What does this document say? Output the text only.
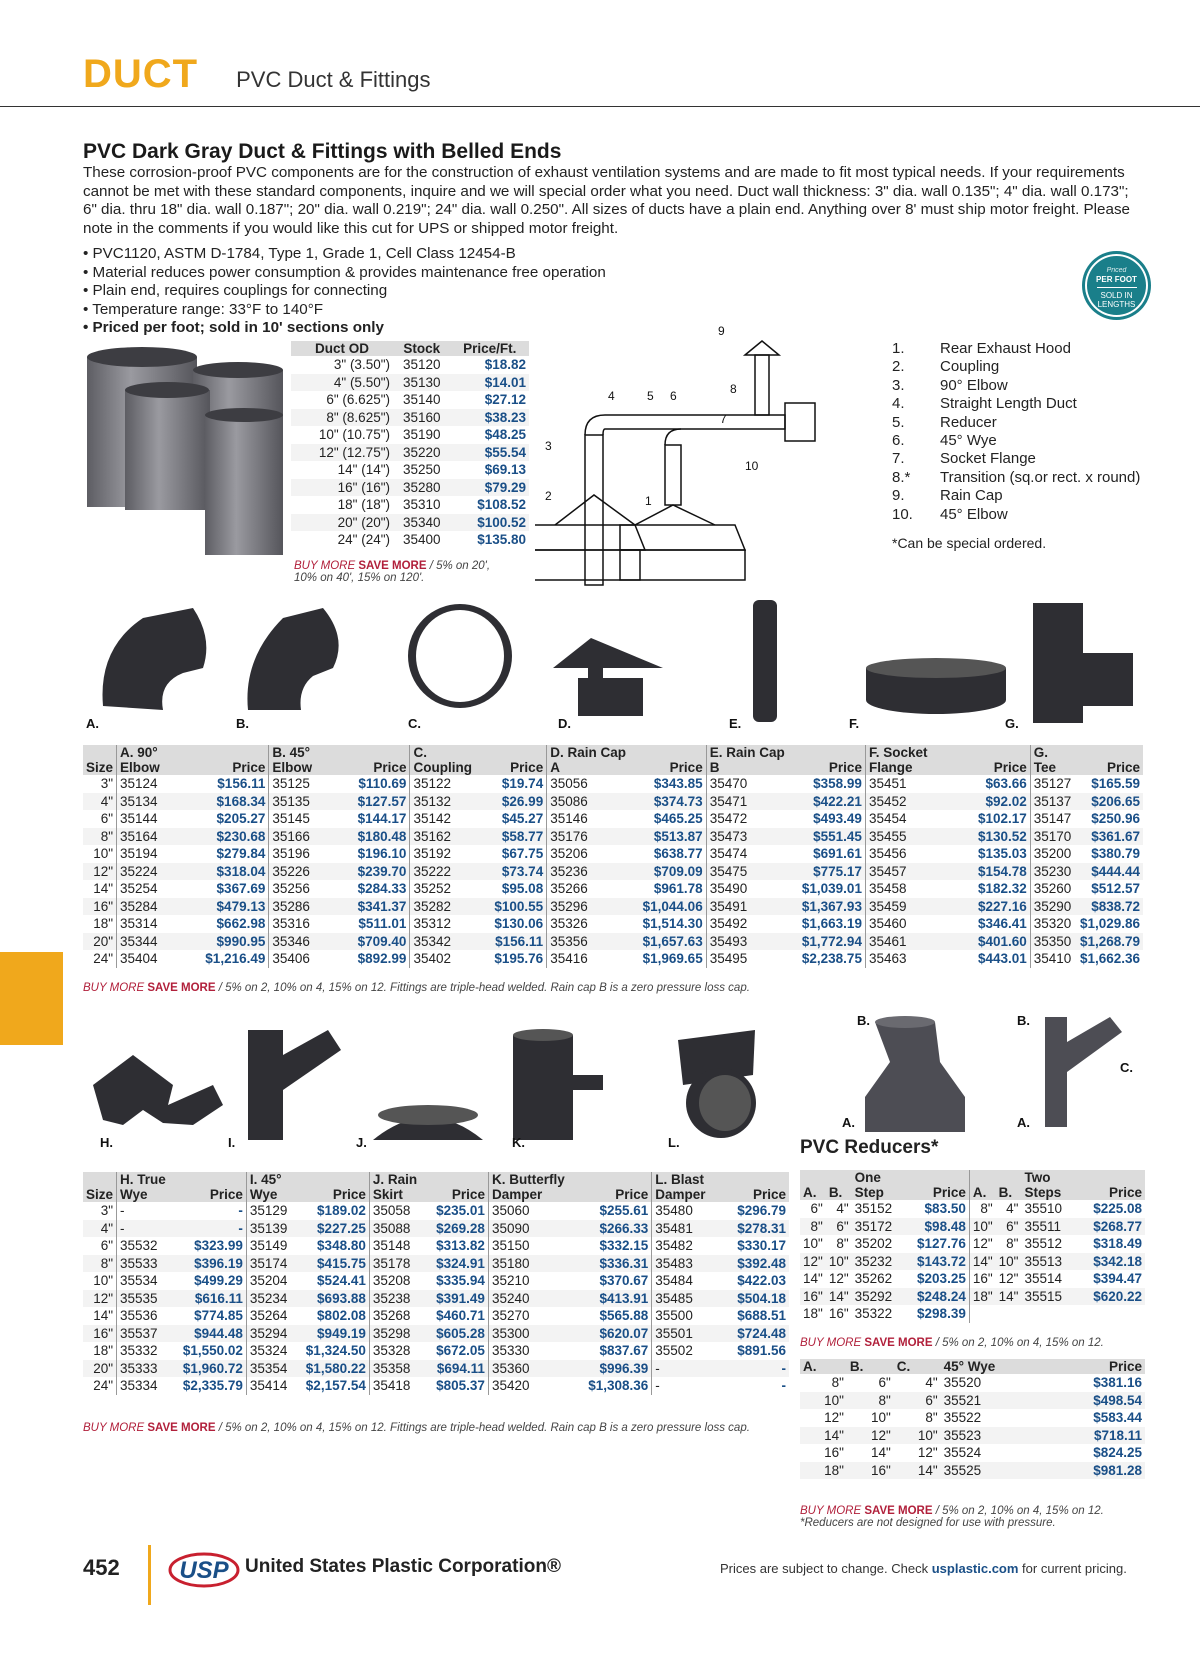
DUCT PVC Duct & Fittings
PVC Dark Gray Duct & Fittings with Belled Ends
These corrosion-proof PVC components are for the construction of exhaust ventilation systems and are made to fit most typical needs. If your requirements cannot be met with these standard components, inquire and we will special order what you need. Duct wall thickness: 3" dia. wall 0.135"; 4" dia. wall 0.173"; 6" dia. thru 18" dia. wall 0.187"; 20" dia. wall 0.219"; 24" dia. wall 0.250". All sizes of ducts have a plain end. Anything over 8' must ship motor freight. Please note in the comments if you would like this cut for UPS or shipped motor freight.
• PVC1120, ASTM D-1784, Type 1, Grade 1, Cell Class 12454-B
• Material reduces power consumption & provides maintenance free operation
• Plain end, requires couplings for connecting
• Temperature range: 33°F to 140°F
• Priced per foot; sold in 10' sections only
Priced
PER FOOT
SOLD IN
LENGTHS
Duct OD	Stock	Price/Ft.
3" (3.50")	35120	$18.82
4" (5.50")	35130	$14.01
6" (6.625")	35140	$27.12
8" (8.625")	35160	$38.23
10" (10.75")	35190	$48.25
12" (12.75")	35220	$55.54
14" (14")	35250	$69.13
16" (16")	35280	$79.29
18" (18")	35310	$108.52
20" (20")	35340	$100.52
24" (24")	35400	$135.80
BUY MORE SAVE MORE / 5% on 20', 10% on 40', 15% on 120'.
9
8
7
5 6
4
3
2	1
10
1.	Rear Exhaust Hood
2.	Coupling
3.	90° Elbow
4.	Straight Length Duct
5.	Reducer
6.	45° Wye
7.	Socket Flange
8.*	Transition (sq.or rect. x round)
9.	Rain Cap
10.	45° Elbow
*Can be special ordered.
A.	B.	C.	D.	E.	F.	G.
Size	A. 90° Elbow	Price	B. 45° Elbow	Price	C. Coupling	Price	D. Rain Cap A	Price	E. Rain Cap B	Price	F. Socket Flange	Price	G. Tee	Price
3"	35124	$156.11	35125	$110.69	35122	$19.74	35056	$343.85	35470	$358.99	35451	$63.66	35127	$165.59
4"	35134	$168.34	35135	$127.57	35132	$26.99	35086	$374.73	35471	$422.21	35452	$92.02	35137	$206.65
6"	35144	$205.27	35145	$144.17	35142	$45.27	35146	$465.25	35472	$493.49	35454	$102.17	35147	$250.96
8"	35164	$230.68	35166	$180.48	35162	$58.77	35176	$513.87	35473	$551.45	35455	$130.52	35170	$361.67
10"	35194	$279.84	35196	$196.10	35192	$67.75	35206	$638.77	35474	$691.61	35456	$135.03	35200	$380.79
12"	35224	$318.04	35226	$239.70	35222	$73.74	35236	$709.09	35475	$775.17	35457	$154.78	35230	$444.44
14"	35254	$367.69	35256	$284.33	35252	$95.08	35266	$961.78	35490	$1,039.01	35458	$182.32	35260	$512.57
16"	35284	$479.13	35286	$341.37	35282	$100.55	35296	$1,044.06	35491	$1,367.93	35459	$227.16	35290	$838.72
18"	35314	$662.98	35316	$511.01	35312	$130.06	35326	$1,514.30	35492	$1,663.19	35460	$346.41	35320	$1,029.86
20"	35344	$990.95	35346	$709.40	35342	$156.11	35356	$1,657.63	35493	$1,772.94	35461	$401.60	35350	$1,268.79
24"	35404	$1,216.49	35406	$892.99	35402	$195.76	35416	$1,969.65	35495	$2,238.75	35463	$443.01	35410	$1,662.36
BUY MORE SAVE MORE / 5% on 2, 10% on 4, 15% on 12. Fittings are triple-head welded. Rain cap B is a zero pressure loss cap.
H.	I.	J.	K.	L.
Size	H. True Wye	Price	I. 45° Wye	Price	J. Rain Skirt	Price	K. Butterfly Damper	Price	L. Blast Damper	Price
3"	-	-	35129	$189.02	35058	$235.01	35060	$255.61	35480	$296.79
4"	-	-	35139	$227.25	35088	$269.28	35090	$266.33	35481	$278.31
6"	35532	$323.99	35149	$348.80	35148	$313.82	35150	$332.15	35482	$330.17
8"	35533	$396.19	35174	$415.75	35178	$324.91	35180	$336.31	35483	$392.48
10"	35534	$499.29	35204	$524.41	35208	$335.94	35210	$370.67	35484	$422.03
12"	35535	$616.11	35234	$693.88	35238	$391.49	35240	$413.91	35485	$504.18
14"	35536	$774.85	35264	$802.08	35268	$460.71	35270	$565.88	35500	$688.51
16"	35537	$944.48	35294	$949.19	35298	$605.28	35300	$620.07	35501	$724.48
18"	35332	$1,550.02	35324	$1,324.50	35328	$672.05	35330	$837.67	35502	$891.56
20"	35333	$1,960.72	35354	$1,580.22	35358	$694.11	35360	$996.39	-	-
24"	35334	$2,335.79	35414	$2,157.54	35418	$805.37	35420	$1,308.36	-	-
BUY MORE SAVE MORE / 5% on 2, 10% on 4, 15% on 12. Fittings are triple-head welded. Rain cap B is a zero pressure loss cap.
B.
A.
B.
C.
A.
PVC Reducers*
A.	B.	One Step	Price	A.	B.	Two Steps	Price
6"	4"	35152	$83.50	8"	4"	35510	$225.08
8"	6"	35172	$98.48	10"	6"	35511	$268.77
10"	8"	35202	$127.76	12"	8"	35512	$318.49
12"	10"	35232	$143.72	14"	10"	35513	$342.18
14"	12"	35262	$203.25	16"	12"	35514	$394.47
16"	14"	35292	$248.24	18"	14"	35515	$620.22
18"	16"	35322	$298.39				
BUY MORE SAVE MORE / 5% on 2, 10% on 4, 15% on 12.
A.	B.	C.	45° Wye	Price
8"	6"	4"	35520	$381.16
10"	8"	6"	35521	$498.54
12"	10"	8"	35522	$583.44
14"	12"	10"	35523	$718.11
16"	14"	12"	35524	$824.25
18"	16"	14"	35525	$981.28
BUY MORE SAVE MORE / 5% on 2, 10% on 4, 15% on 12.
*Reducers are not designed for use with pressure.
452 USP United States Plastic Corporation®	Prices are subject to change. Check usplastic.com for current pricing.
